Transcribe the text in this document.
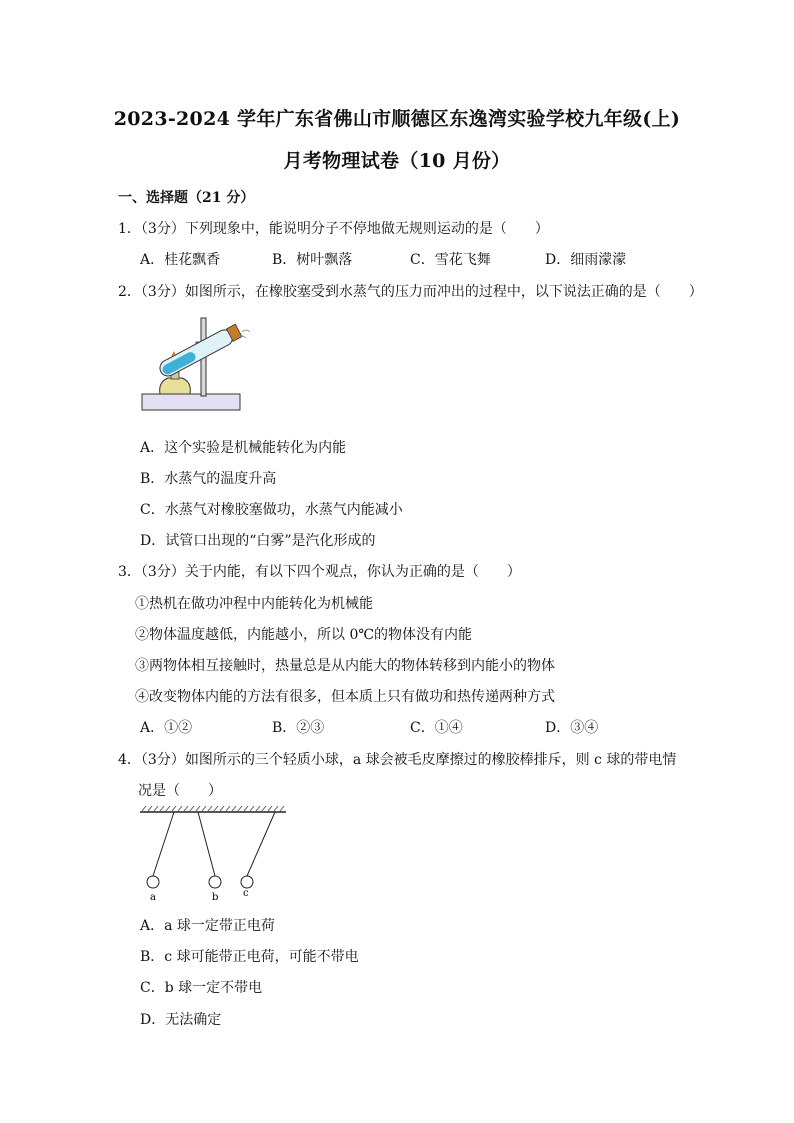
2023-2024 学年广东省佛山市顺德区东逸湾实验学校九年级(上)
月考物理试卷（10 月份）
一、选择题（21 分）
1．（3分）下列现象中，能说明分子不停地做无规则运动的是（　　）
A．桂花飘香	B．树叶飘落	C．雪花飞舞	D．细雨濛濛
2．（3分）如图所示，在橡胶塞受到水蒸气的压力而冲出的过程中，以下说法正确的是（　　）
A．这个实验是机械能转化为内能
B．水蒸气的温度升高
C．水蒸气对橡胶塞做功，水蒸气内能减小
D．试管口出现的“白雾”是汽化形成的
3．（3分）关于内能，有以下四个观点，你认为正确的是（　　）
①热机在做功冲程中内能转化为机械能
②物体温度越低，内能越小，所以 0℃的物体没有内能
③两物体相互接触时，热量总是从内能大的物体转移到内能小的物体
④改变物体内能的方法有很多，但本质上只有做功和热传递两种方式
A．①②	B．②③	C．①④	D．③④
4．（3分）如图所示的三个轻质小球，a 球会被毛皮摩擦过的橡胶棒排斥，则 c 球的带电情
况是（　　）
a	b c
A．a 球一定带正电荷
B．c 球可能带正电荷，可能不带电
C．b 球一定不带电
D．无法确定
